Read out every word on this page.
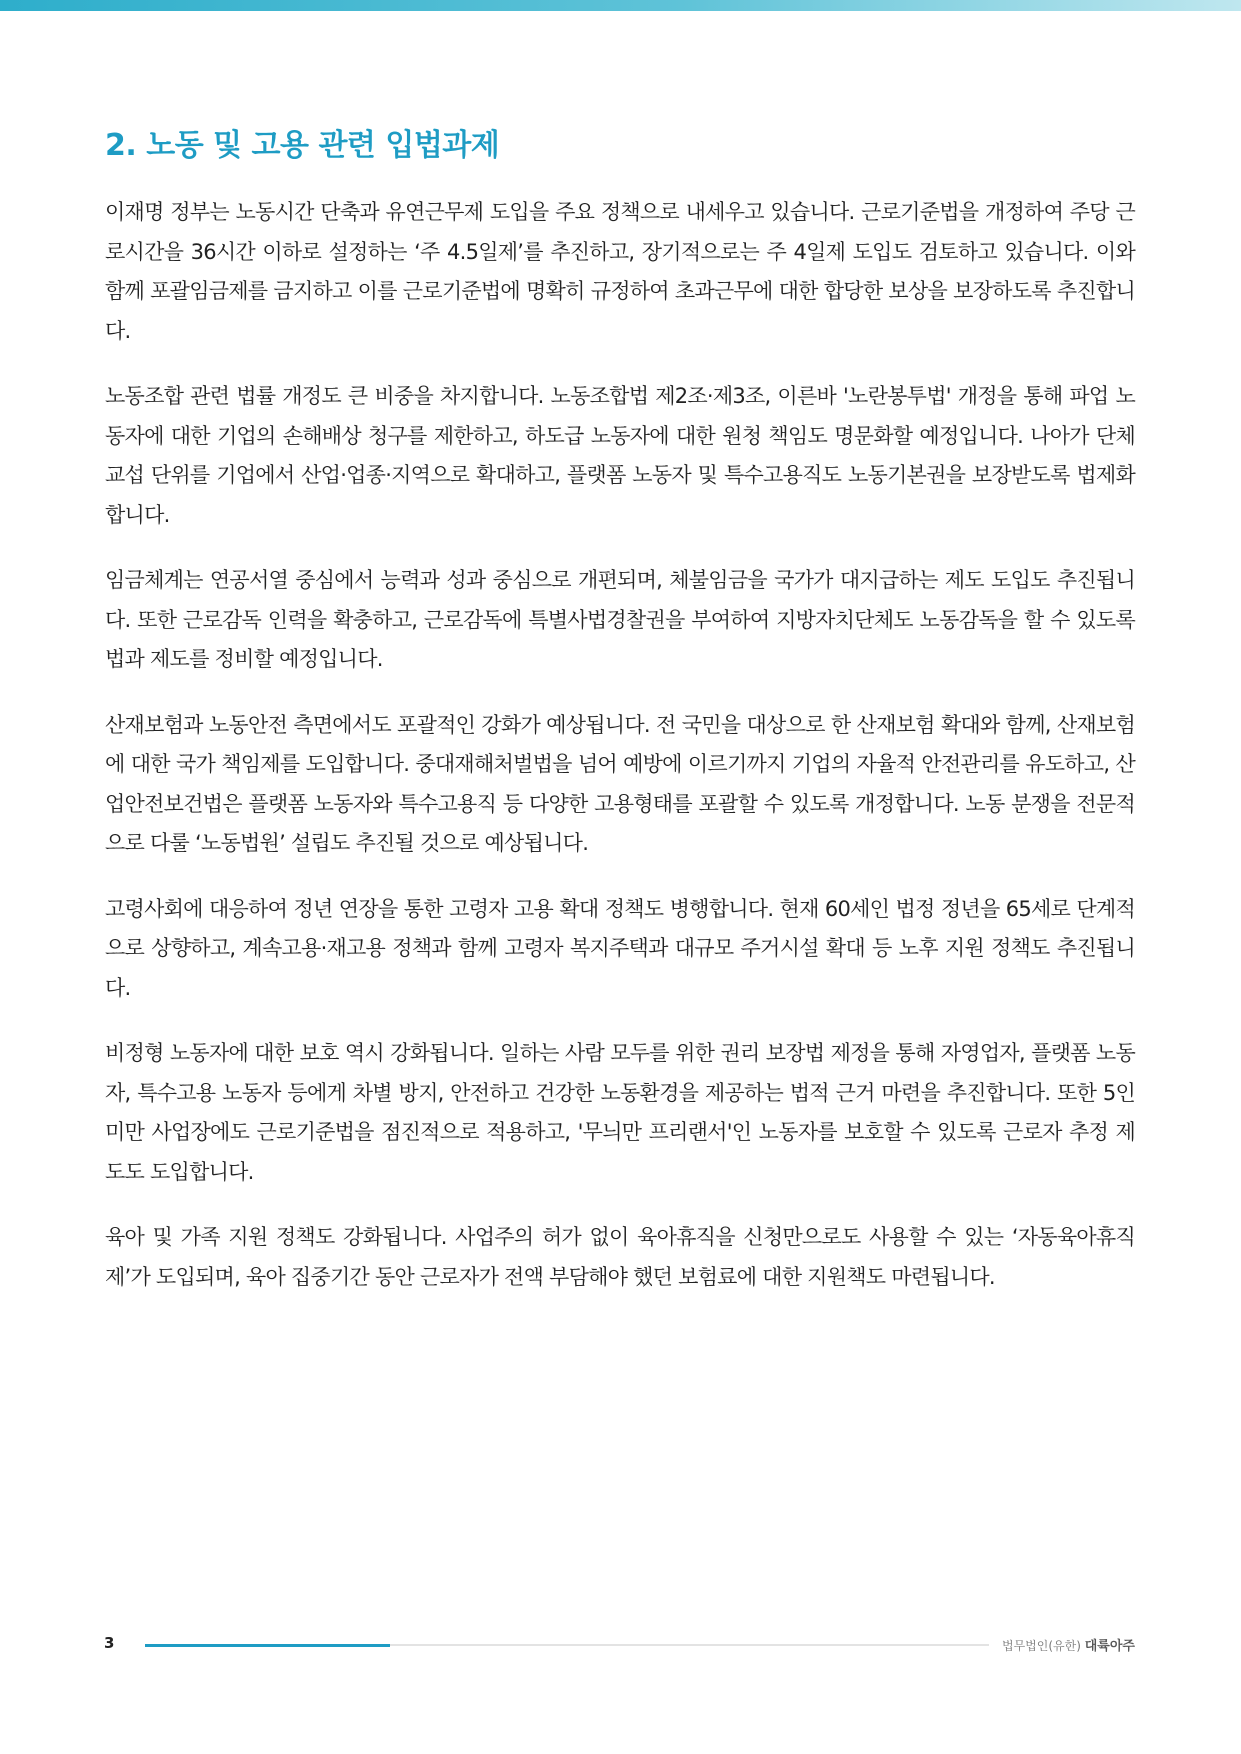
2. 노동 및 고용 관련 입법과제

이재명 정부는 노동시간 단축과 유연근무제 도입을 주요 정책으로 내세우고 있습니다. 근로기준법을 개정하여 주당 근로시간을 36시간 이하로 설정하는 ‘주 4.5일제’를 추진하고, 장기적으로는 주 4일제 도입도 검토하고 있습니다. 이와 함께 포괄임금제를 금지하고 이를 근로기준법에 명확히 규정하여 초과근무에 대한 합당한 보상을 보장하도록 추진합니다.

노동조합 관련 법률 개정도 큰 비중을 차지합니다. 노동조합법 제2조·제3조, 이른바 '노란봉투법' 개정을 통해 파업 노동자에 대한 기업의 손해배상 청구를 제한하고, 하도급 노동자에 대한 원청 책임도 명문화할 예정입니다. 나아가 단체교섭 단위를 기업에서 산업·업종·지역으로 확대하고, 플랫폼 노동자 및 특수고용직도 노동기본권을 보장받도록 법제화 합니다.

임금체계는 연공서열 중심에서 능력과 성과 중심으로 개편되며, 체불임금을 국가가 대지급하는 제도 도입도 추진됩니다. 또한 근로감독 인력을 확충하고, 근로감독에 특별사법경찰권을 부여하여 지방자치단체도 노동감독을 할 수 있도록 법과 제도를 정비할 예정입니다.

산재보험과 노동안전 측면에서도 포괄적인 강화가 예상됩니다. 전 국민을 대상으로 한 산재보험 확대와 함께, 산재보험에 대한 국가 책임제를 도입합니다. 중대재해처벌법을 넘어 예방에 이르기까지 기업의 자율적 안전관리를 유도하고, 산업안전보건법은 플랫폼 노동자와 특수고용직 등 다양한 고용형태를 포괄할 수 있도록 개정합니다. 노동 분쟁을 전문적으로 다룰 ‘노동법원’ 설립도 추진될 것으로 예상됩니다.

고령사회에 대응하여 정년 연장을 통한 고령자 고용 확대 정책도 병행합니다. 현재 60세인 법정 정년을 65세로 단계적으로 상향하고, 계속고용·재고용 정책과 함께 고령자 복지주택과 대규모 주거시설 확대 등 노후 지원 정책도 추진됩니다.

비정형 노동자에 대한 보호 역시 강화됩니다. 일하는 사람 모두를 위한 권리 보장법 제정을 통해 자영업자, 플랫폼 노동자, 특수고용 노동자 등에게 차별 방지, 안전하고 건강한 노동환경을 제공하는 법적 근거 마련을 추진합니다. 또한 5인 미만 사업장에도 근로기준법을 점진적으로 적용하고, '무늬만 프리랜서'인 노동자를 보호할 수 있도록 근로자 추정 제도도 도입합니다.

육아 및 가족 지원 정책도 강화됩니다. 사업주의 허가 없이 육아휴직을 신청만으로도 사용할 수 있는 ‘자동육아휴직제’가 도입되며, 육아 집중기간 동안 근로자가 전액 부담해야 했던 보험료에 대한 지원책도 마련됩니다.

3	법무법인(유한) 대륙아주
